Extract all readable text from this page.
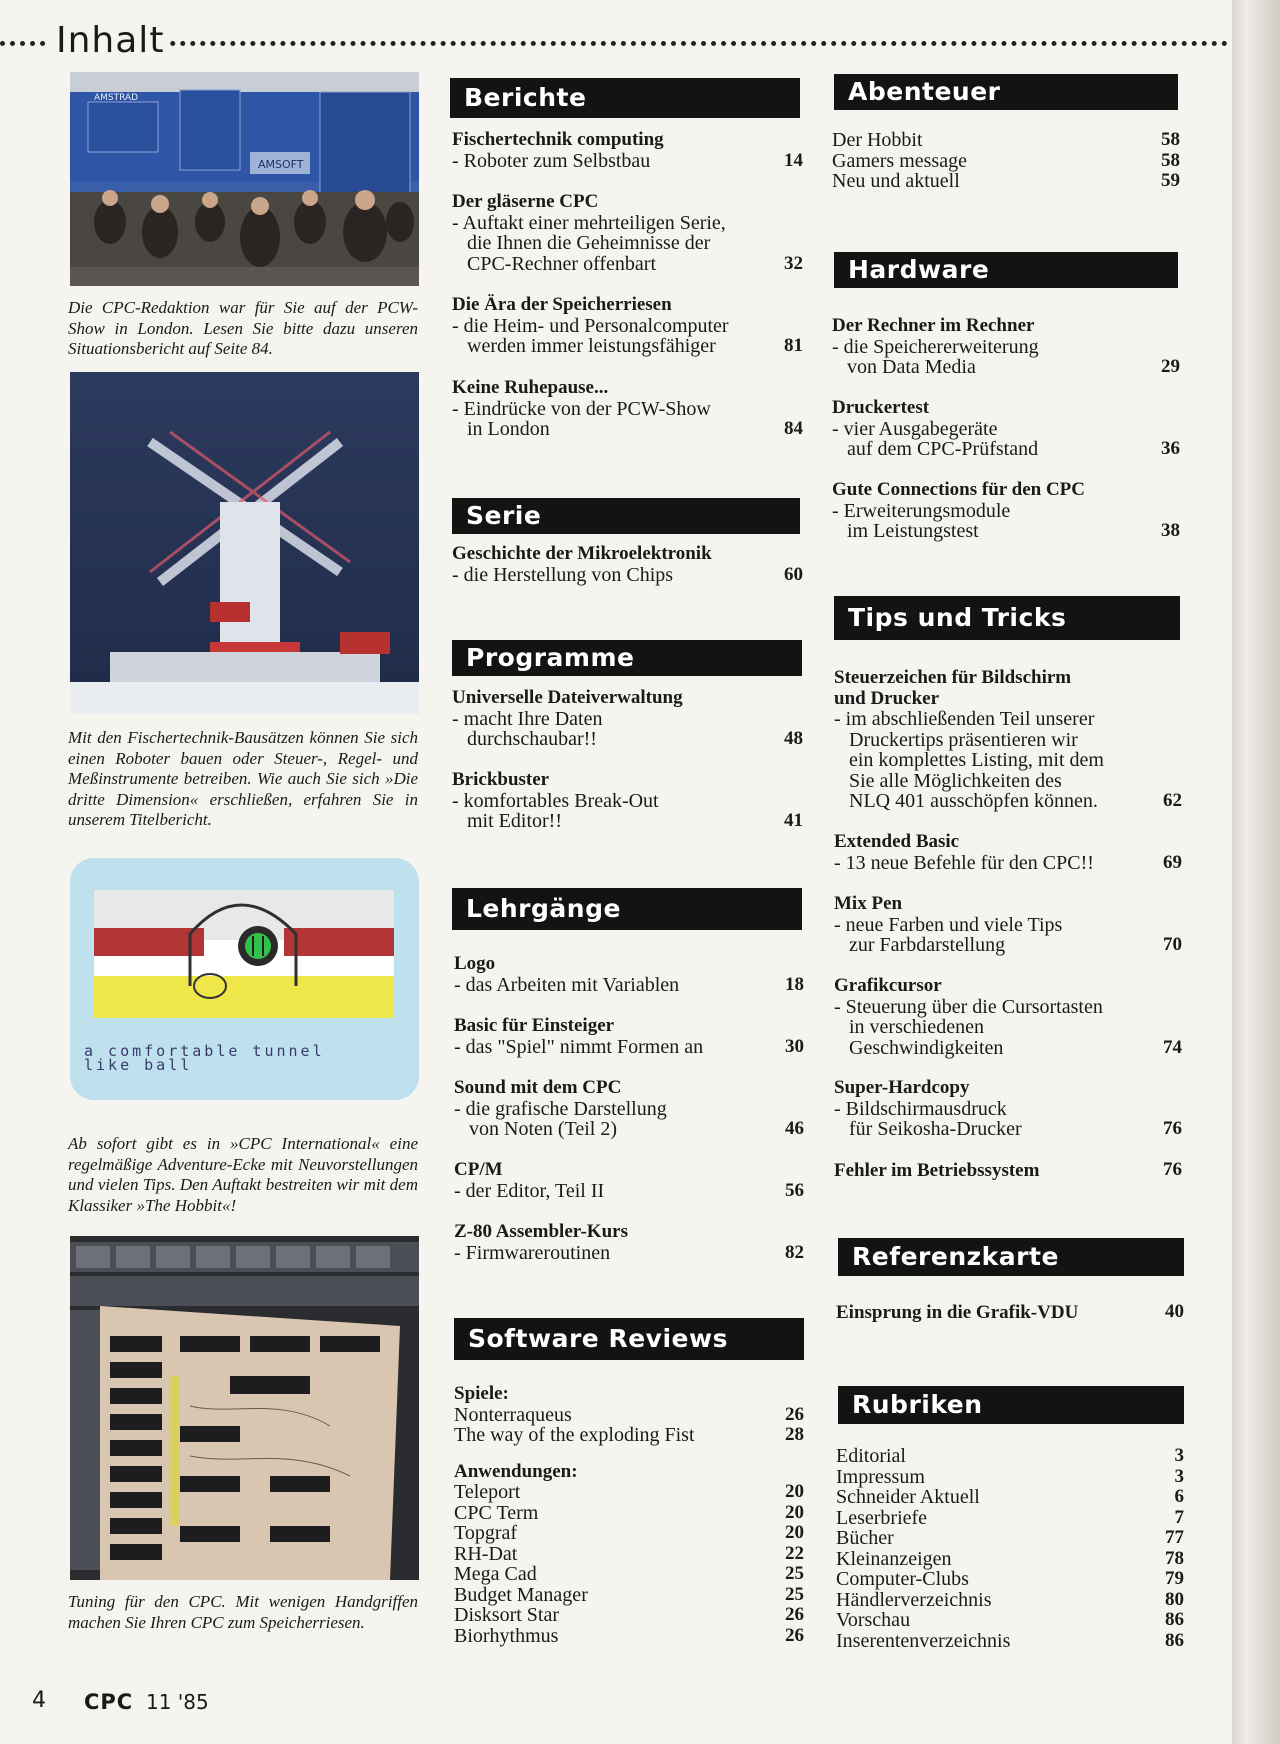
Inhalt
AMSOFT
AMSTRAD
Die CPC-Redaktion war für Sie auf der PCW-Show in London. Lesen Sie bitte dazu unseren Situationsbericht auf Seite 84.
Mit den Fischertechnik-Bausätzen können Sie sich einen Roboter bauen oder Steuer-, Regel- und Meßinstrumente betreiben. Wie auch Sie sich »Die dritte Dimension« erschließen, erfahren Sie in unserem Titelbericht.
a comfortable tunnel
like ball
Ab sofort gibt es in »CPC International« eine regelmäßige Adventure-Ecke mit Neuvorstellungen und vielen Tips. Den Auftakt bestreiten wir mit dem Klassiker »The Hobbit«!
Tuning für den CPC. Mit wenigen Handgriffen machen Sie Ihren CPC zum Speicherriesen.
Berichte
Fischertechnik computing
- Roboter zum Selbstbau	14
Der gläserne CPC
- Auftakt einer mehrteiligen Serie,
die Ihnen die Geheimnisse der
CPC-Rechner offenbart	32
Die Ära der Speicherriesen
- die Heim- und Personalcomputer
werden immer leistungsfähiger	81
Keine Ruhepause...
- Eindrücke von der PCW-Show
in London	84
Serie
Geschichte der Mikroelektronik
- die Herstellung von Chips	60
Programme
Universelle Dateiverwaltung
- macht Ihre Daten
durchschaubar!!	48
Brickbuster
- komfortables Break-Out
mit Editor!!	41
Lehrgänge
Logo
- das Arbeiten mit Variablen	18
Basic für Einsteiger
- das "Spiel" nimmt Formen an	30
Sound mit dem CPC
- die grafische Darstellung
von Noten (Teil 2)	46
CP/M
- der Editor, Teil II	56
Z-80 Assembler-Kurs
- Firmwareroutinen	82
Software Reviews
Spiele:
Nonterraqueus	26
The way of the exploding Fist	28
Anwendungen:
Teleport	20
CPC Term	20
Topgraf	20
RH-Dat	22
Mega Cad	25
Budget Manager	25
Disksort Star	26
Biorhythmus	26
Abenteuer
Der Hobbit	58
Gamers message	58
Neu und aktuell	59
Hardware
Der Rechner im Rechner
- die Speichererweiterung
von Data Media	29
Druckertest
- vier Ausgabegeräte
auf dem CPC-Prüfstand	36
Gute Connections für den CPC
- Erweiterungsmodule
im Leistungstest	38
Tips und Tricks
Steuerzeichen für Bildschirm
und Drucker
- im abschließenden Teil unserer
Druckertips präsentieren wir
ein komplettes Listing, mit dem
Sie alle Möglichkeiten des
NLQ 401 ausschöpfen können.	62
Extended Basic
- 13 neue Befehle für den CPC!!	69
Mix Pen
- neue Farben und viele Tips
zur Farbdarstellung	70
Grafikcursor
- Steuerung über die Cursortasten
in verschiedenen
Geschwindigkeiten	74
Super-Hardcopy
- Bildschirmausdruck
für Seikosha-Drucker	76
Fehler im Betriebssystem	76
Referenzkarte
Einsprung in die Grafik-VDU	40
Rubriken
Editorial	3
Impressum	3
Schneider Aktuell	6
Leserbriefe	7
Bücher	77
Kleinanzeigen	78
Computer-Clubs	79
Händlerverzeichnis	80
Vorschau	86
Inserentenverzeichnis	86
4 CPC 11 '85
